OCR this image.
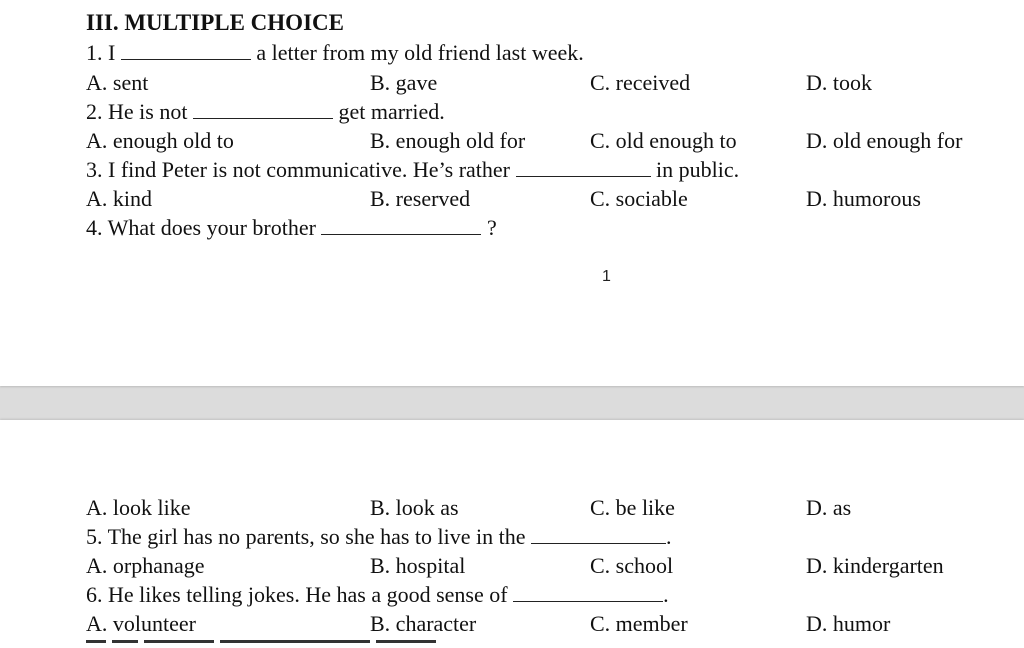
III. MULTIPLE CHOICE
1. I	a letter from my old friend last week.
A. sent	B. gave	C. received	D. took
2. He is not	get married.
A. enough old to	B. enough old for	C. old enough to	D. old enough for
3. I find Peter is not communicative. He’s rather	in public.
A. kind	B. reserved	C. sociable	D. humorous
4. What does your brother	?
1
A. look like	B. look as	C. be like	D. as
5. The girl has no parents, so she has to live in the	.
A. orphanage	B. hospital	C. school	D. kindergarten
6. He likes telling jokes. He has a good sense of	.
A. volunteer	B. character	C. member	D. humor
